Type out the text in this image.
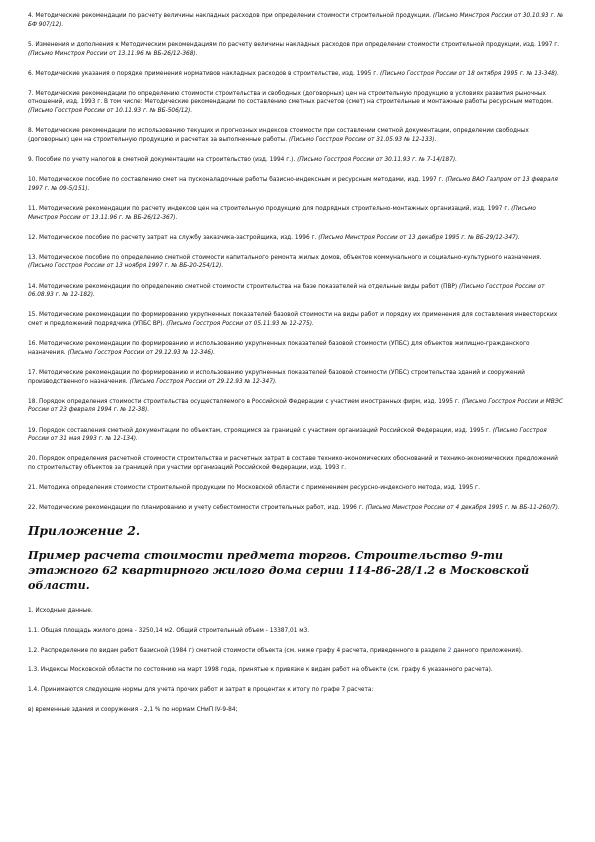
4. Методические рекомендации по расчету величины накладных расходов при определении стоимости строительной продукции. (Письмо Минстроя России от 30.10.93 г. № БФ 907/12).

5. Изменения и дополнения к Методическим рекомендациям по расчету величины накладных расходов при определении стоимости строительной продукции, изд. 1997 г. (Письмо Минстроя России от 13.11.96 № ВБ-26/12-368).

6. Методические указания о порядке применения нормативов накладных расходов в строительстве, изд. 1995 г. (Письмо Госстроя России от 18 октября 1995 г. № 13-348).

7. Методические рекомендации по определению стоимости строительства и свободных (договорных) цен на строительную продукцию в условиях развития рыночных отношений, изд. 1993 г. В том числе: Методические рекомендации по составлению сметных расчетов (смет) на строительные и монтажные работы ресурсным методом. (Письмо Госстроя России от 10.11.93 г. № ВБ-506/12).

8. Методические рекомендации по использованию текущих и прогнозных индексов стоимости при составлении сметной документации, определении свободных (договорных) цен на строительную продукцию и расчетах за выполненные работы. (Письмо Госстроя России от 31.05.93 № 12-133).

9. Пособие по учету налогов в сметной документации на строительство (изд. 1994 г.). (Письмо Госстроя России от 30.11.93 г. № 7-14/187).

10. Методическое пособие по составлению смет на пусконаладочные работы базисно-индексным и ресурсным методами, изд. 1997 г. (Письмо ВАО Газпром от 13 февраля 1997 г. № 09-5/151).

11. Методические рекомендации по расчету индексов цен на строительную продукцию для подрядных строительно-монтажных организаций, изд. 1997 г. (Письмо Минстроя России от 13.11.96 г. № ВБ-26/12-367).

12. Методическое пособие по расчету затрат на службу заказчика-застройщика, изд. 1996 г. (Письмо Минстроя России от 13 декабря 1995 г. № ВБ-29/12-347).

13. Методическое пособие по определению сметной стоимости капитального ремонта жилых домов, объектов коммунального и социально-культурного назначения. (Письмо Госстроя России от 13 ноября 1997 г. № ВБ-20-254/12).

14. Методические рекомендации по определению сметной стоимости строительства на базе показателей на отдельные виды работ (ПВР) (Письмо Госстроя России от 06.08.93 г. № 12-182).

15. Методические рекомендации по формированию укрупненных показателей базовой стоимости на виды работ и порядку их применения для составления инвесторских смет и предложений подрядчика (УПБС ВР). (Письмо Госстроя России от 05.11.93 № 12-275).

16. Методические рекомендации по формированию и использованию укрупненных показателей базовой стоимости (УПБС) для объектов жилищно-гражданского назначения. (Письмо Госстроя России от 29.12.93 № 12-346).

17. Методические рекомендации по формированию и использованию укрупненных показателей базовой стоимости (УПБС) строительства зданий и сооружений производственного назначения. (Письмо Госстроя России от 29.12.93 № 12-347).

18. Порядок определения стоимости строительства осуществляемого в Российской Федерации с участием иностранных фирм, изд. 1995 г. (Письмо Госстроя России и МВЭС России от 23 февраля 1994 г. № 12-38).

19. Порядок составления сметной документации по объектам, строящимся за границей с участием организаций Российской Федерации, изд. 1995 г. (Письмо Госстроя России от 31 мая 1993 г. № 12-134).

20. Порядок определения расчетной стоимости строительства и расчетных затрат в составе технико-экономических обоснований и технико-экономических предложений по строительству объектов за границей при участии организаций Российской Федерации, изд. 1993 г.

21. Методика определения стоимости строительной продукции по Московской области с применением ресурсно-индексного метода, изд. 1995 г.

22. Методические рекомендации по планированию и учету себестоимости строительных работ, изд. 1996 г. (Письмо Минстроя России от 4 декабря 1995 г. № ВБ-11-260/7).

Приложение 2.
Пример расчета стоимости предмета торгов. Строительство 9-ти этажного 62 квартирного жилого дома серии 114-86-28/1.2 в Московской области.

1. Исходные данные.

1.1. Общая площадь жилого дома - 3250,14 м2. Общий строительный объем - 13387,01 м3.

1.2. Распределение по видам работ базисной (1984 г) сметной стоимости объекта (см. ниже графу 4 расчета, приведенного в разделе 2 данного приложения).

1.3. Индексы Московской области по состоянию на март 1998 года, принятые к привязке к видам работ на объекте (см. графу 6 указанного расчета).

1.4. Принимаются следующие нормы для учета прочих работ и затрат в процентах к итогу по графе 7 расчета:

в) временные здания и сооружения - 2,1 % по нормам СНиП IV-9-84;
